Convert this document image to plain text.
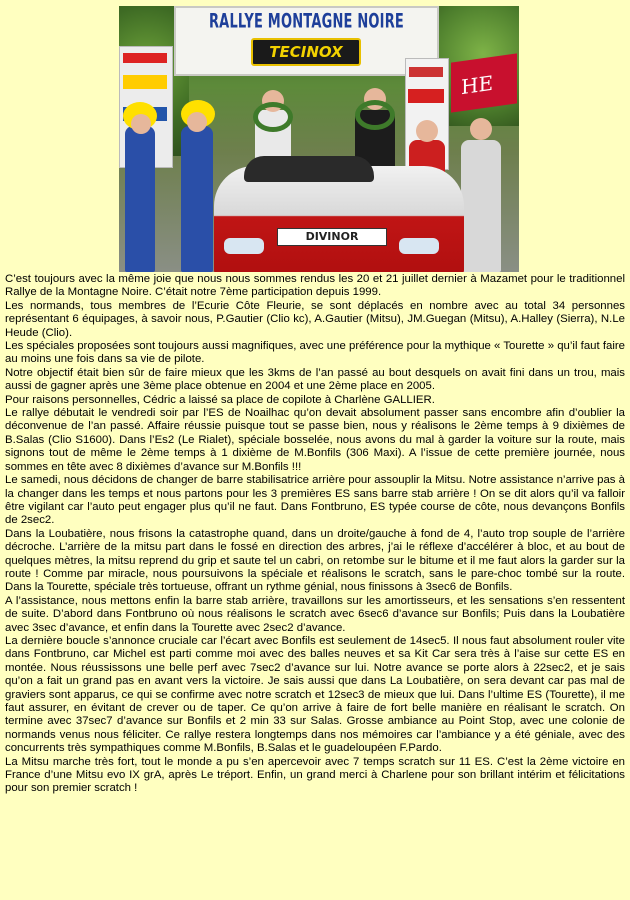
RALLYE MONTAGNE NOIRE
TECINOX
HE
DIVINOR

C’est toujours avec la même joie que nous nous sommes rendus les 20 et 21 juillet dernier à Mazamet pour le traditionnel Rallye de la Montagne Noire. C’était notre 7ème participation depuis 1999.

Les normands, tous membres de l’Ecurie Côte Fleurie, se sont déplacés en nombre avec au total 34 personnes représentant 6 équipages, à savoir nous, P.Gautier (Clio kc), A.Gautier (Mitsu), JM.Guegan (Mitsu), A.Halley (Sierra), N.Le Heude (Clio).

Les spéciales proposées sont toujours aussi magnifiques, avec une préférence pour la mythique « Tourette » qu’il faut faire au moins une fois dans sa vie de pilote.

Notre objectif était bien sûr de faire mieux que les 3kms de l’an passé au bout desquels on avait fini dans un trou, mais aussi de gagner après une 3ème place obtenue en 2004 et une 2ème place en 2005.

Pour raisons personnelles, Cédric a laissé sa place de copilote à Charlène GALLIER.

Le rallye débutait le vendredi soir par l’ES de Noailhac qu’on devait absolument passer sans encombre afin d’oublier la déconvenue de l’an passé. Affaire réussie puisque tout se passe bien, nous y réalisons le 2ème temps à 9 dixièmes de B.Salas (Clio S1600). Dans l’Es2 (Le Rialet), spéciale bosselée, nous avons du mal à garder la voiture sur la route, mais signons tout de même le 2ème temps à 1 dixième de M.Bonfils (306 Maxi). A l’issue de cette première journée, nous sommes en tête avec 8 dixièmes d’avance sur M.Bonfils !!!

Le samedi, nous décidons de changer de barre stabilisatrice arrière pour assouplir la Mitsu. Notre assistance n’arrive pas à la changer dans les temps et nous partons pour les 3 premières ES sans barre stab arrière ! On se dit alors qu’il va falloir être vigilant car l’auto peut engager plus qu’il ne faut. Dans Fontbruno, ES typée course de côte, nous devançons Bonfils de 2sec2.

Dans la Loubatière, nous frisons la catastrophe quand, dans un droite/gauche à fond de 4, l’auto trop souple de l’arrière décroche. L’arrière de la mitsu part dans le fossé en direction des arbres, j’ai le réflexe d’accélérer à bloc, et au bout de quelques mètres, la mitsu reprend du grip et saute tel un cabri, on retombe sur le bitume et il me faut alors la garder sur la route ! Comme par miracle, nous poursuivons la spéciale et réalisons le scratch, sans le pare-choc tombé sur la route. Dans la Tourette, spéciale très tortueuse, offrant un rythme génial, nous finissons à 3sec6 de Bonfils.

A l’assistance, nous mettons enfin la barre stab arrière, travaillons sur les amortisseurs, et les sensations s’en ressentent de suite. D’abord dans Fontbruno où nous réalisons le scratch avec 6sec6 d’avance sur Bonfils; Puis dans la Loubatière avec 3sec d’avance, et enfin dans la Tourette avec 2sec2 d’avance.

La dernière boucle s’annonce cruciale car l’écart avec Bonfils est seulement de 14sec5. Il nous faut absolument rouler vite dans Fontbruno, car Michel est parti comme moi avec des balles neuves et sa Kit Car sera très à l’aise sur cette ES en montée. Nous réussissons une belle perf avec 7sec2 d’avance sur lui. Notre avance se porte alors à 22sec2, et je sais qu’on a fait un grand pas en avant vers la victoire. Je sais aussi que dans La Loubatière, on sera devant car pas mal de graviers sont apparus, ce qui se confirme avec notre scratch et 12sec3 de mieux que lui. Dans l’ultime ES (Tourette), il me faut assurer, en évitant de crever ou de taper. Ce qu’on arrive à faire de fort belle manière en réalisant le scratch. On termine avec 37sec7 d’avance sur Bonfils et 2 min 33 sur Salas. Grosse ambiance au Point Stop, avec une colonie de normands venus nous féliciter. Ce rallye restera longtemps dans nos mémoires car l’ambiance y a été géniale, avec des concurrents très sympathiques comme M.Bonfils, B.Salas et le guadeloupéen F.Pardo.

La Mitsu marche très fort, tout le monde a pu s’en apercevoir avec 7 temps scratch sur 11 ES. C’est la 2ème victoire en France d’une Mitsu evo IX grA, après Le tréport. Enfin, un grand merci à Charlene pour son brillant intérim et félicitations pour son premier scratch !
